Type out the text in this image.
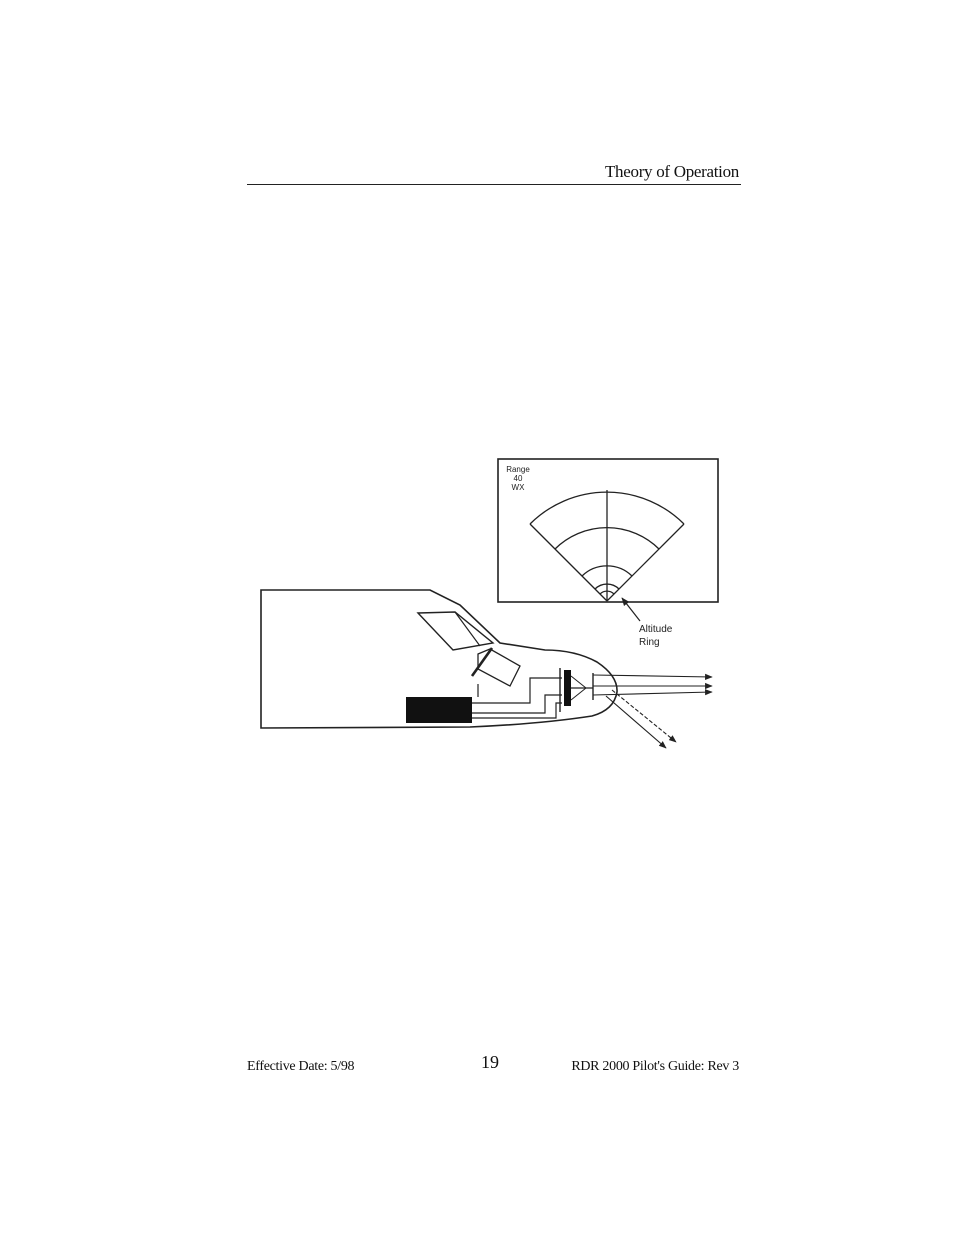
Theory of Operation
Range
40
WX
Altitude
Ring
Effective Date: 5/98	19	RDR 2000 Pilot's Guide: Rev 3
